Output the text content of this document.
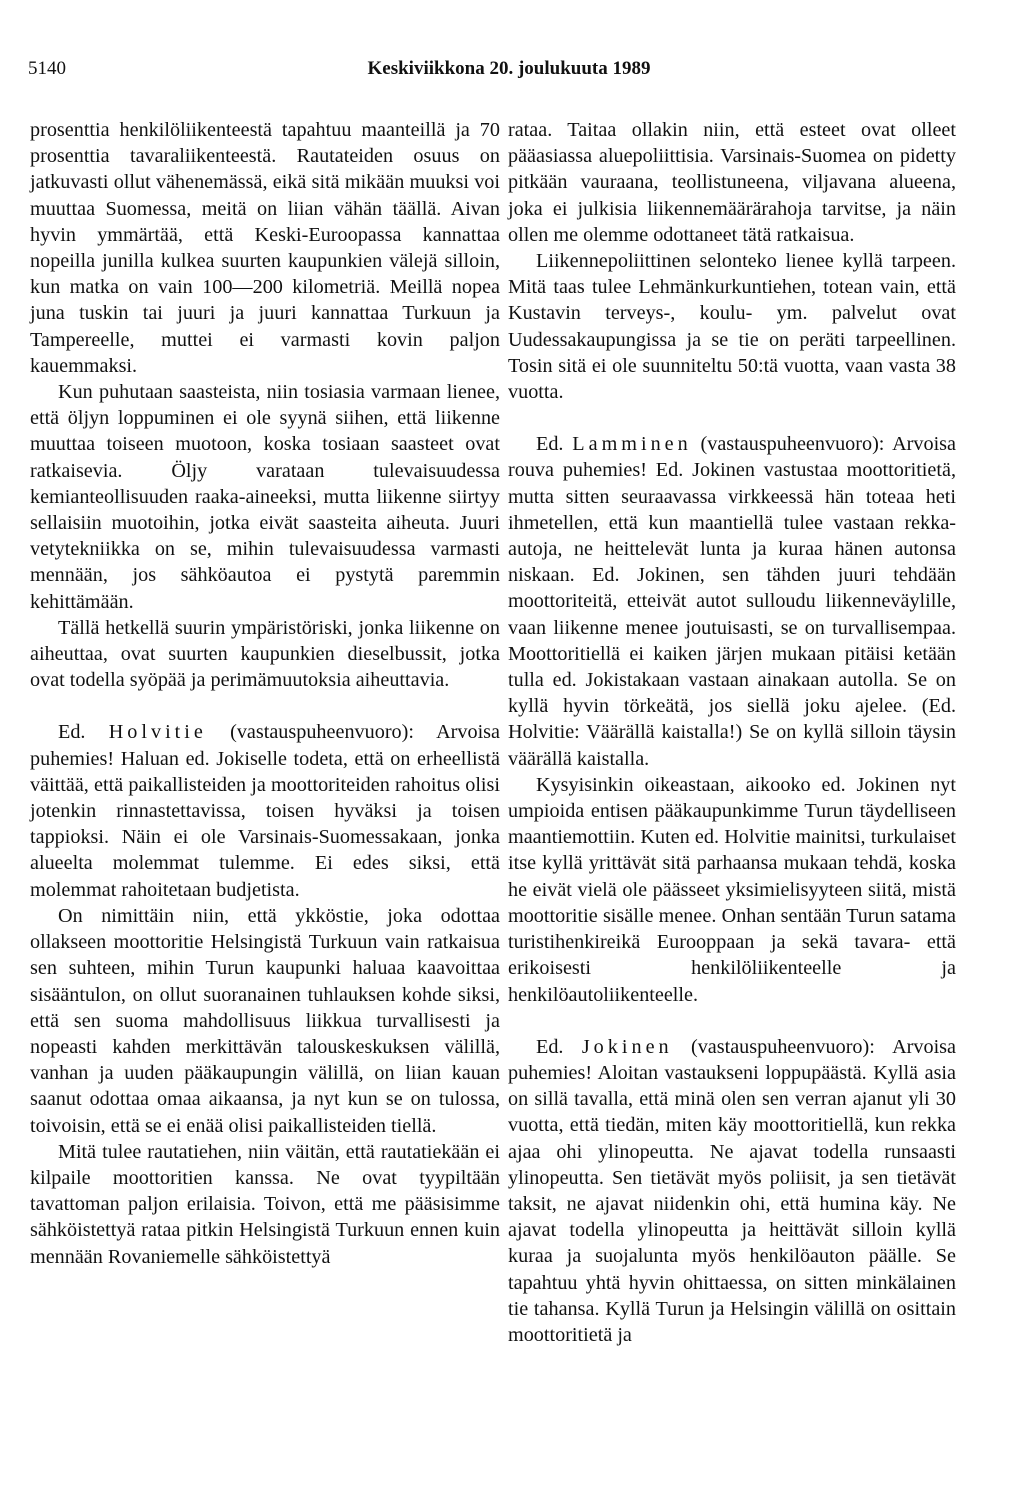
5140	Keskiviikkona 20. joulukuuta 1989

prosenttia henkilöliikenteestä tapahtuu maanteillä ja 70 prosenttia tavaraliikenteestä. Rautateiden osuus on jatkuvasti ollut vähenemässä, eikä sitä mikään muuksi voi muuttaa Suomessa, meitä on liian vähän täällä. Aivan hyvin ymmärtää, että Keski-Euroopassa kannattaa nopeilla junilla kulkea suurten kaupunkien välejä silloin, kun matka on vain 100—200 kilometriä. Meillä nopea juna tuskin tai juuri ja juuri kannattaa Turkuun ja Tampereelle, muttei ei varmasti kovin paljon kauemmaksi.

Kun puhutaan saasteista, niin tosiasia varmaan lienee, että öljyn loppuminen ei ole syynä siihen, että liikenne muuttaa toiseen muotoon, koska tosiaan saasteet ovat ratkaisevia. Öljy varataan tulevaisuudessa kemianteollisuuden raaka-aineeksi, mutta liikenne siirtyy sellaisiin muotoihin, jotka eivät saasteita aiheuta. Juuri vetytekniikka on se, mihin tulevaisuudessa varmasti mennään, jos sähköautoa ei pystytä paremmin kehittämään.

Tällä hetkellä suurin ympäristöriski, jonka liikenne on aiheuttaa, ovat suurten kaupunkien dieselbussit, jotka ovat todella syöpää ja perimämuutoksia aiheuttavia.

Ed. Holvitie (vastauspuheenvuoro): Arvoisa puhemies! Haluan ed. Jokiselle todeta, että on erheellistä väittää, että paikallisteiden ja moottoriteiden rahoitus olisi jotenkin rinnastettavissa, toisen hyväksi ja toisen tappioksi. Näin ei ole Varsinais-Suomessakaan, jonka alueelta molemmat tulemme. Ei edes siksi, että molemmat rahoitetaan budjetista.

On nimittäin niin, että ykköstie, joka odottaa ollakseen moottoritie Helsingistä Turkuun vain ratkaisua sen suhteen, mihin Turun kaupunki haluaa kaavoittaa sisääntulon, on ollut suoranainen tuhlauksen kohde siksi, että sen suoma mahdollisuus liikkua turvallisesti ja nopeasti kahden merkittävän talouskeskuksen välillä, vanhan ja uuden pääkaupungin välillä, on liian kauan saanut odottaa omaa aikaansa, ja nyt kun se on tulossa, toivoisin, että se ei enää olisi paikallisteiden tiellä.

Mitä tulee rautatiehen, niin väitän, että rautatiekään ei kilpaile moottoritien kanssa. Ne ovat tyypiltään tavattoman paljon erilaisia. Toivon, että me pääsisimme sähköistettyä rataa pitkin Helsingistä Turkuun ennen kuin mennään Rovaniemelle sähköistettyä

rataa. Taitaa ollakin niin, että esteet ovat olleet pääasiassa aluepoliittisia. Varsinais-Suomea on pidetty pitkään vauraana, teollistuneena, viljavana alueena, joka ei julkisia liikennemäärärahoja tarvitse, ja näin ollen me olemme odottaneet tätä ratkaisua.

Liikennepoliittinen selonteko lienee kyllä tarpeen. Mitä taas tulee Lehmänkurkuntiehen, totean vain, että Kustavin terveys-, koulu- ym. palvelut ovat Uudessakaupungissa ja se tie on peräti tarpeellinen. Tosin sitä ei ole suunniteltu 50:tä vuotta, vaan vasta 38 vuotta.

Ed. Lamminen (vastauspuheenvuoro): Arvoisa rouva puhemies! Ed. Jokinen vastustaa moottoritietä, mutta sitten seuraavassa virkkeessä hän toteaa heti ihmetellen, että kun maantiellä tulee vastaan rekka-autoja, ne heittelevät lunta ja kuraa hänen autonsa niskaan. Ed. Jokinen, sen tähden juuri tehdään moottoriteitä, etteivät autot sulloudu liikenneväylille, vaan liikenne menee joutuisasti, se on turvallisempaa. Moottoritiellä ei kaiken järjen mukaan pitäisi ketään tulla ed. Jokistakaan vastaan ainakaan autolla. Se on kyllä hyvin törkeätä, jos siellä joku ajelee. (Ed. Holvitie: Väärällä kaistalla!) Se on kyllä silloin täysin väärällä kaistalla.

Kysyisinkin oikeastaan, aikooko ed. Jokinen nyt umpioida entisen pääkaupunkimme Turun täydelliseen maantiemottiin. Kuten ed. Holvitie mainitsi, turkulaiset itse kyllä yrittävät sitä parhaansa mukaan tehdä, koska he eivät vielä ole päässeet yksimielisyyteen siitä, mistä moottoritie sisälle menee. Onhan sentään Turun satama turistihenkireikä Eurooppaan ja sekä tavara- että erikoisesti henkilöliikenteelle ja henkilöautoliikenteelle.

Ed. Jokinen (vastauspuheenvuoro): Arvoisa puhemies! Aloitan vastaukseni loppupäästä. Kyllä asia on sillä tavalla, että minä olen sen verran ajanut yli 30 vuotta, että tiedän, miten käy moottoritiellä, kun rekka ajaa ohi ylinopeutta. Ne ajavat todella runsaasti ylinopeutta. Sen tietävät myös poliisit, ja sen tietävät taksit, ne ajavat niidenkin ohi, että humina käy. Ne ajavat todella ylinopeutta ja heittävät silloin kyllä kuraa ja suojalunta myös henkilöauton päälle. Se tapahtuu yhtä hyvin ohittaessa, on sitten minkälainen tie tahansa. Kyllä Turun ja Helsingin välillä on osittain moottoritietä ja
